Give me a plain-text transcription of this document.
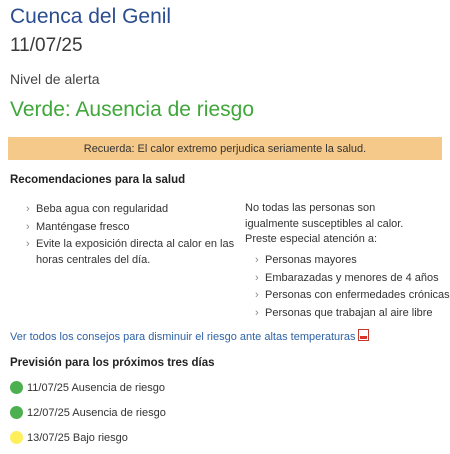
Cuenca del Genil
11/07/25
Nivel de alerta
Verde: Ausencia de riesgo
Recuerda: El calor extremo perjudica seriamente la salud.
Recomendaciones para la salud
› Beba agua con regularidad
› Manténgase fresco
› Evite la exposición directa al calor en las horas centrales del día.
No todas las personas son igualmente susceptibles al calor. Preste especial atención a:
› Personas mayores
› Embarazadas y menores de 4 años
› Personas con enfermedades crónicas
› Personas que trabajan al aire libre
Ver todos los consejos para disminuir el riesgo ante altas temperaturas
Previsión para los próximos tres días
11/07/25 Ausencia de riesgo
12/07/25 Ausencia de riesgo
13/07/25 Bajo riesgo
